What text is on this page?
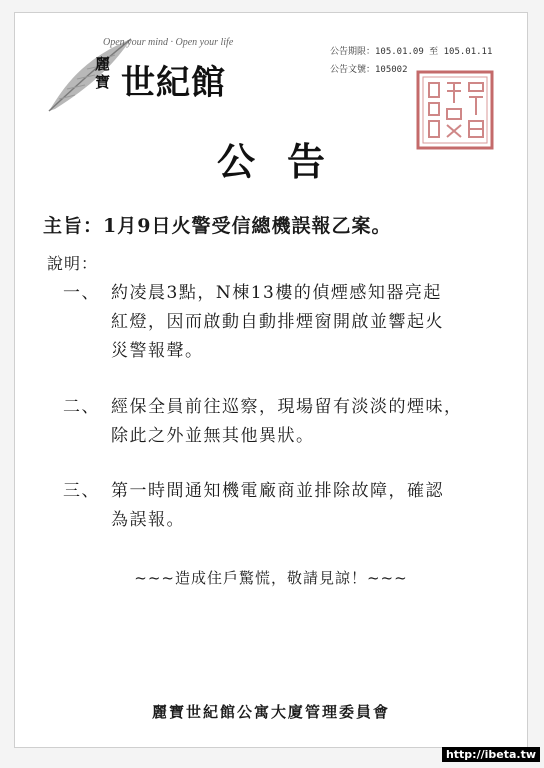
Open your mind · Open your life
麗寶 世紀館
公告期限：105.01.09 至 105.01.11
公告文號：105002
公告
主旨：1月9日火警受信總機誤報乙案。
說明：
一、 約凌晨3點，N棟13樓的偵煙感知器亮起
紅燈，因而啟動自動排煙窗開啟並響起火
災警報聲。
二、 經保全員前往巡察，現場留有淡淡的煙味，
除此之外並無其他異狀。
三、 第一時間通知機電廠商並排除故障，確認
為誤報。
~~~造成住戶驚慌，敬請見諒！~~~
麗寶世紀館公寓大廈管理委員會
http://ibeta.tw
